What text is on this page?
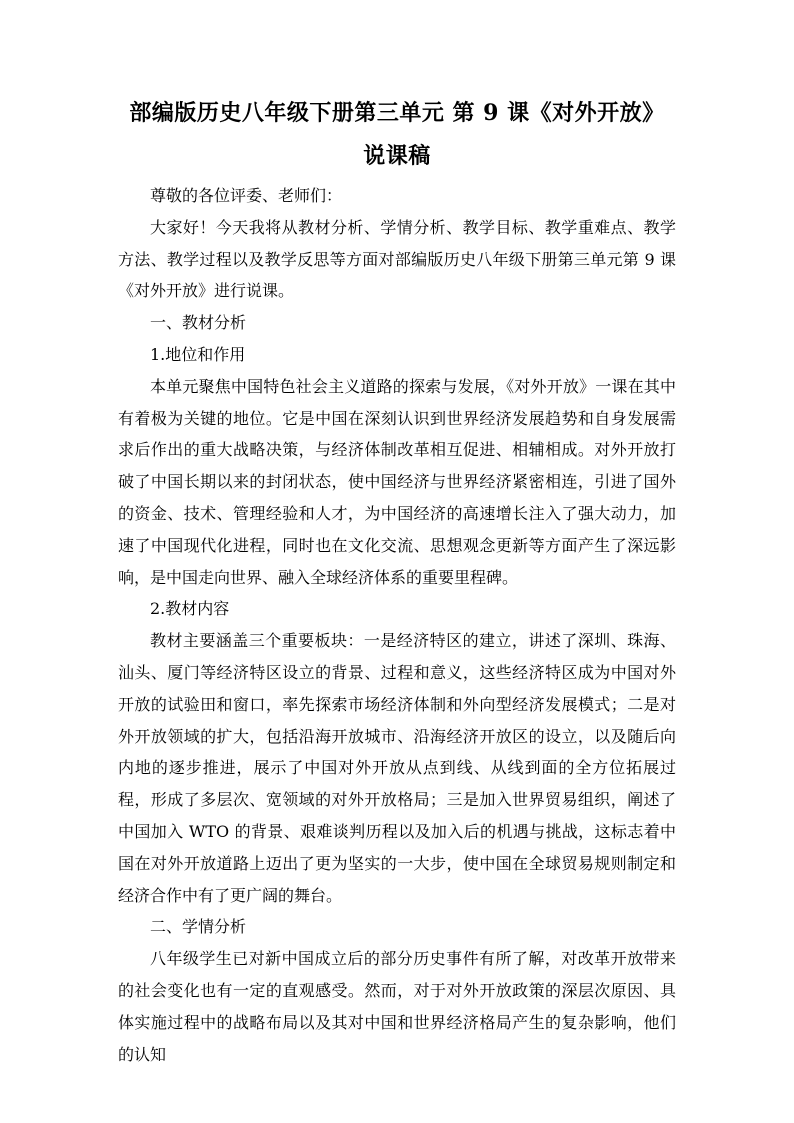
部编版历史八年级下册第三单元 第 9 课《对外开放》
说课稿

尊敬的各位评委、老师们：

大家好！今天我将从教材分析、学情分析、教学目标、教学重难点、教学方法、教学过程以及教学反思等方面对部编版历史八年级下册第三单元第 9 课《对外开放》进行说课。

一、教材分析

1.地位和作用

本单元聚焦中国特色社会主义道路的探索与发展，《对外开放》一课在其中有着极为关键的地位。它是中国在深刻认识到世界经济发展趋势和自身发展需求后作出的重大战略决策，与经济体制改革相互促进、相辅相成。对外开放打破了中国长期以来的封闭状态，使中国经济与世界经济紧密相连，引进了国外的资金、技术、管理经验和人才，为中国经济的高速增长注入了强大动力，加速了中国现代化进程，同时也在文化交流、思想观念更新等方面产生了深远影响，是中国走向世界、融入全球经济体系的重要里程碑。

2.教材内容

教材主要涵盖三个重要板块：一是经济特区的建立，讲述了深圳、珠海、汕头、厦门等经济特区设立的背景、过程和意义，这些经济特区成为中国对外开放的试验田和窗口，率先探索市场经济体制和外向型经济发展模式；二是对外开放领域的扩大，包括沿海开放城市、沿海经济开放区的设立，以及随后向内地的逐步推进，展示了中国对外开放从点到线、从线到面的全方位拓展过程，形成了多层次、宽领域的对外开放格局；三是加入世界贸易组织，阐述了中国加入 WTO 的背景、艰难谈判历程以及加入后的机遇与挑战，这标志着中国在对外开放道路上迈出了更为坚实的一大步，使中国在全球贸易规则制定和经济合作中有了更广阔的舞台。

二、学情分析

八年级学生已对新中国成立后的部分历史事件有所了解，对改革开放带来的社会变化也有一定的直观感受。然而，对于对外开放政策的深层次原因、具体实施过程中的战略布局以及其对中国和世界经济格局产生的复杂影响，他们的认知
